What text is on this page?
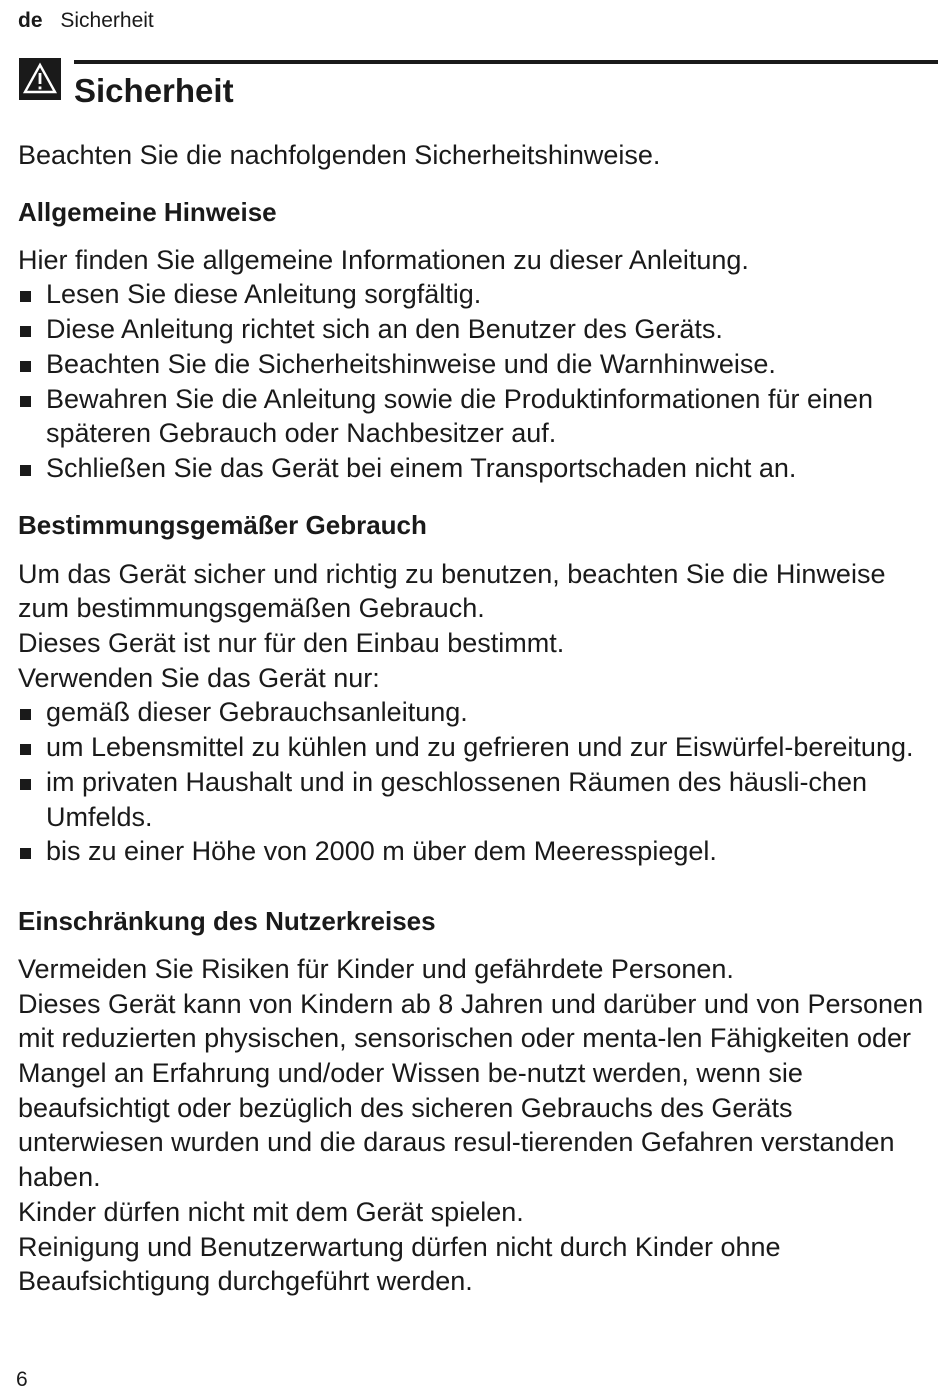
de Sicherheit
Sicherheit

Beachten Sie die nachfolgenden Sicherheitshinweise.

Allgemeine Hinweise

Hier finden Sie allgemeine Informationen zu dieser Anleitung.

Lesen Sie diese Anleitung sorgfältig.
Diese Anleitung richtet sich an den Benutzer des Geräts.
Beachten Sie die Sicherheitshinweise und die Warnhinweise.
Bewahren Sie die Anleitung sowie die Produktinformationen für einen späteren Gebrauch oder Nachbesitzer auf.
Schließen Sie das Gerät bei einem Transportschaden nicht an.
Bestimmungsgemäßer Gebrauch

Um das Gerät sicher und richtig zu benutzen, beachten Sie die Hinweise zum bestimmungsgemäßen Gebrauch.

Dieses Gerät ist nur für den Einbau bestimmt.

Verwenden Sie das Gerät nur:

gemäß dieser Gebrauchsanleitung.
um Lebensmittel zu kühlen und zu gefrieren und zur Eiswürfel-bereitung.
im privaten Haushalt und in geschlossenen Räumen des häusli-chen Umfelds.
bis zu einer Höhe von 2000 m über dem Meeresspiegel.
Einschränkung des Nutzerkreises

Vermeiden Sie Risiken für Kinder und gefährdete Personen.

Dieses Gerät kann von Kindern ab 8 Jahren und darüber und von Personen mit reduzierten physischen, sensorischen oder menta-len Fähigkeiten oder Mangel an Erfahrung und/oder Wissen be-nutzt werden, wenn sie beaufsichtigt oder bezüglich des sicheren Gebrauchs des Geräts unterwiesen wurden und die daraus resul-tierenden Gefahren verstanden haben.

Kinder dürfen nicht mit dem Gerät spielen.

Reinigung und Benutzerwartung dürfen nicht durch Kinder ohne Beaufsichtigung durchgeführt werden.

6
